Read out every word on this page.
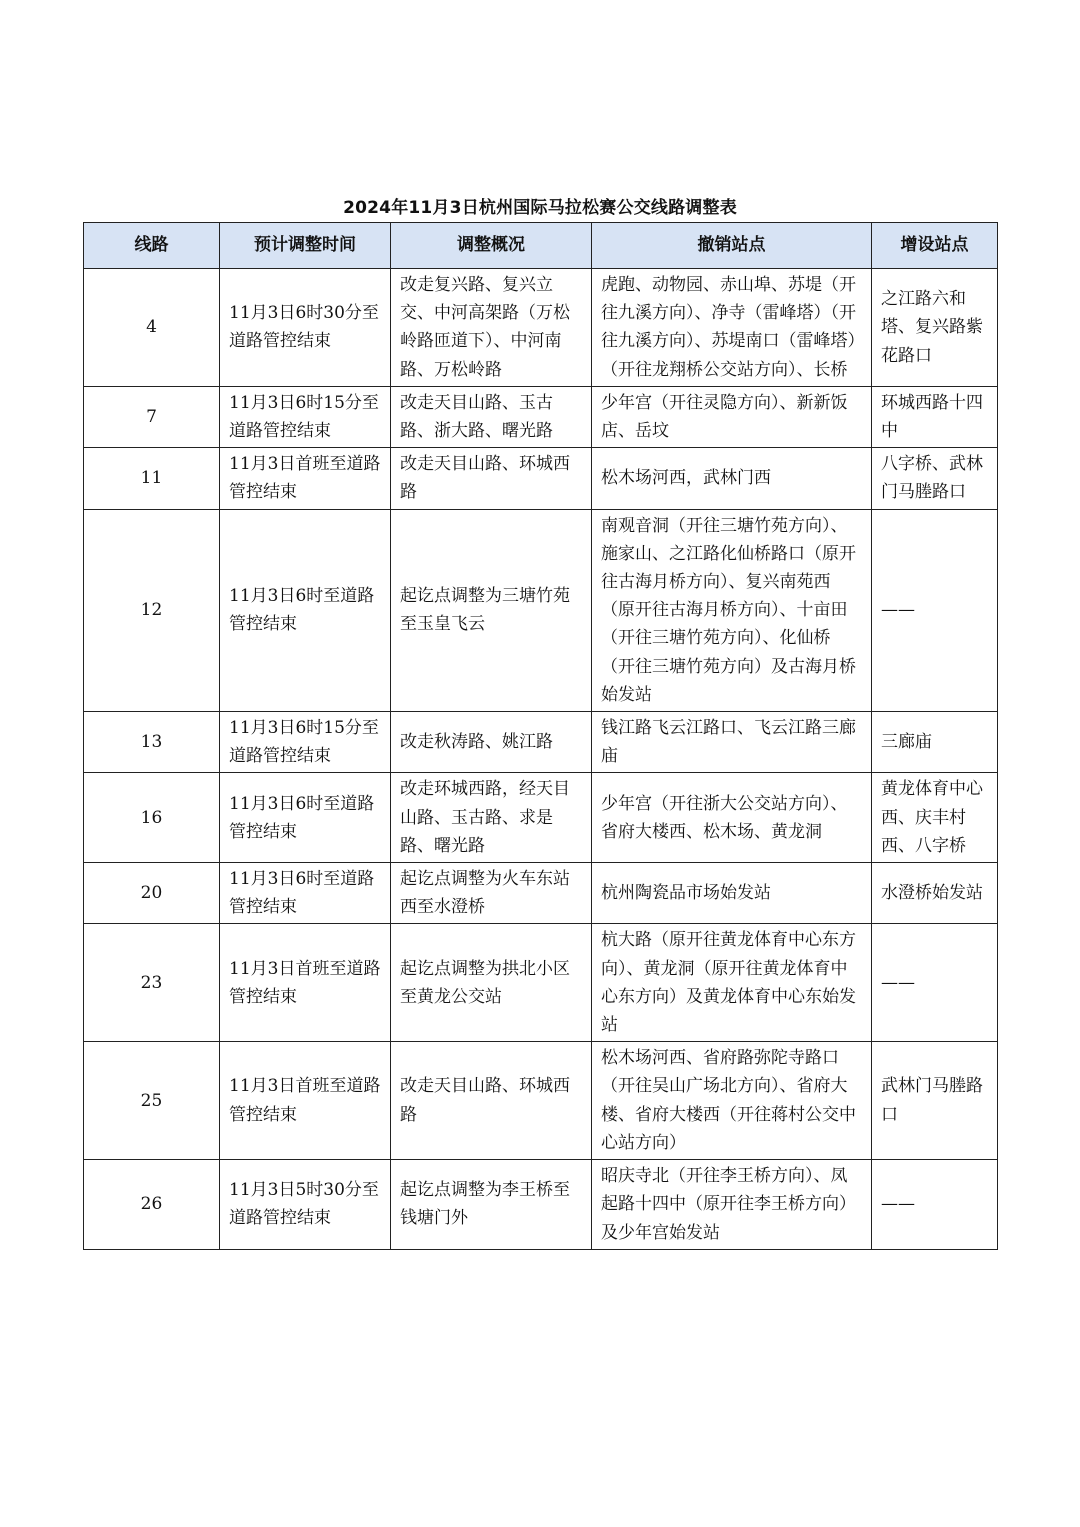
2024年11月3日杭州国际马拉松赛公交线路调整表
线路	预计调整时间	调整概况	撤销站点	增设站点
4	11月3日6时30分至道路管控结束	改走复兴路、复兴立交、中河高架路（万松岭路匝道下）、中河南路、万松岭路	虎跑、动物园、赤山埠、苏堤（开往九溪方向）、净寺（雷峰塔）（开往九溪方向）、苏堤南口（雷峰塔）（开往龙翔桥公交站方向）、长桥	之江路六和塔、复兴路紫花路口
7	11月3日6时15分至道路管控结束	改走天目山路、玉古路、浙大路、曙光路	少年宫（开往灵隐方向）、新新饭店、岳坟	环城西路十四中
11	11月3日首班至道路管控结束	改走天目山路、环城西路	松木场河西，武林门西	八字桥、武林门马塍路口
12	11月3日6时至道路管控结束	起讫点调整为三塘竹苑至玉皇飞云	南观音洞（开往三塘竹苑方向）、施家山、之江路化仙桥路口（原开往古海月桥方向）、复兴南苑西（原开往古海月桥方向）、十亩田（开往三塘竹苑方向）、化仙桥（开往三塘竹苑方向）及古海月桥始发站	——
13	11月3日6时15分至道路管控结束	改走秋涛路、姚江路	钱江路飞云江路口、飞云江路三廊庙	三廊庙
16	11月3日6时至道路管控结束	改走环城西路，经天目山路、玉古路、求是路、曙光路	少年宫（开往浙大公交站方向）、省府大楼西、松木场、黄龙洞	黄龙体育中心西、庆丰村西、八字桥
20	11月3日6时至道路管控结束	起讫点调整为火车东站西至水澄桥	杭州陶瓷品市场始发站	水澄桥始发站
23	11月3日首班至道路管控结束	起讫点调整为拱北小区至黄龙公交站	杭大路（原开往黄龙体育中心东方向）、黄龙洞（原开往黄龙体育中心东方向）及黄龙体育中心东始发站	——
25	11月3日首班至道路管控结束	改走天目山路、环城西路	松木场河西、省府路弥陀寺路口（开往吴山广场北方向）、省府大楼、省府大楼西（开往蒋村公交中心站方向）	武林门马塍路口
26	11月3日5时30分至道路管控结束	起讫点调整为李王桥至钱塘门外	昭庆寺北（开往李王桥方向）、凤起路十四中（原开往李王桥方向）及少年宫始发站	——
